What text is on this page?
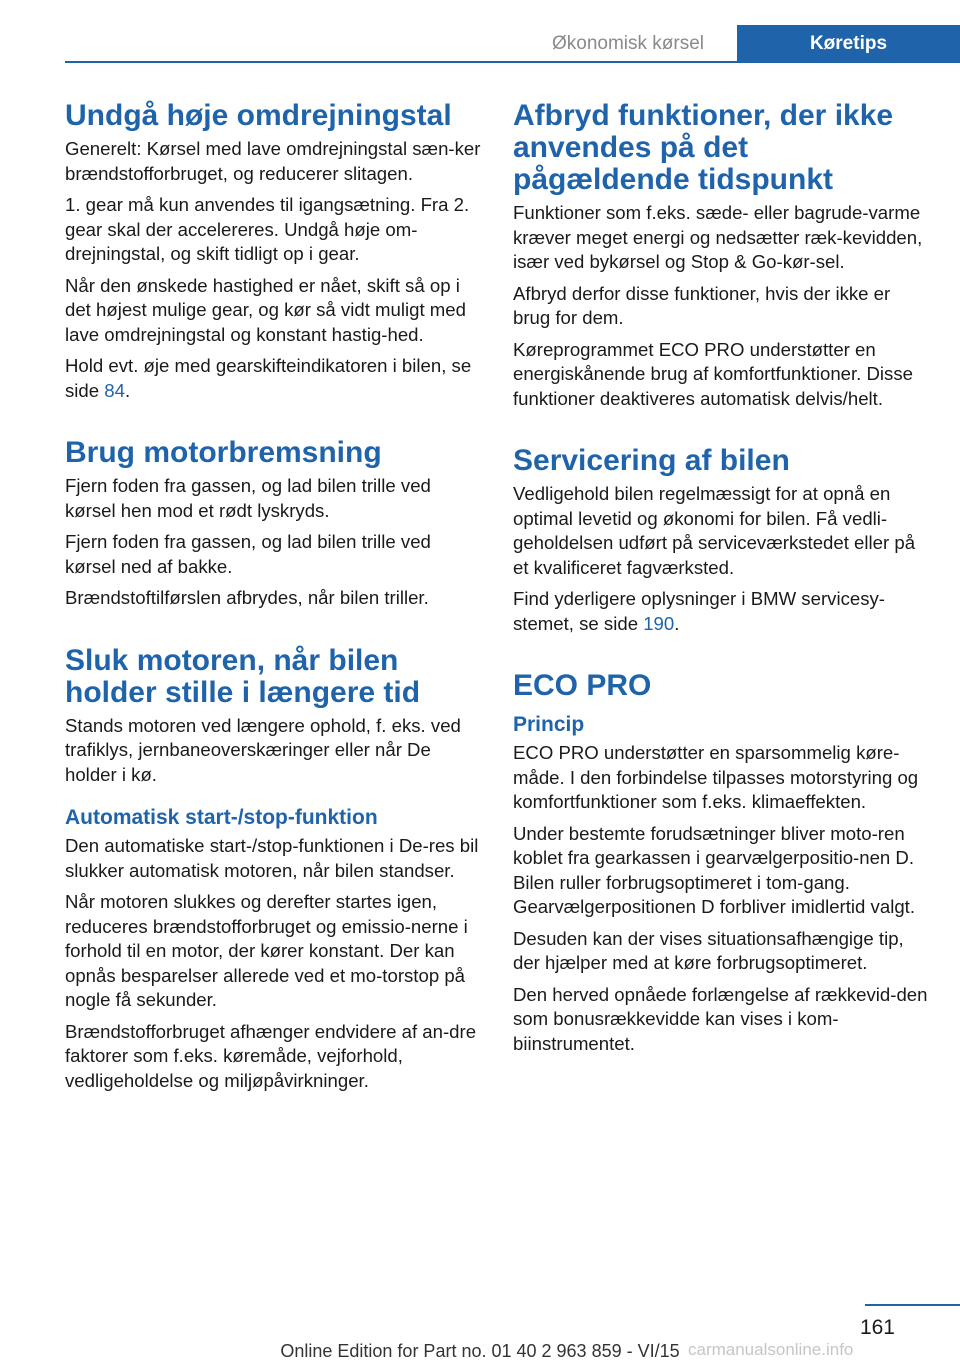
Økonomisk kørsel	Køretips
Undgå høje omdrejningstal

Generelt: Kørsel med lave omdrejningstal sæn‐ker brændstofforbruget, og reducerer slitagen.

1. gear må kun anvendes til igangsætning. Fra 2. gear skal der accelereres. Undgå høje om‐drejningstal, og skift tidligt op i gear.

Når den ønskede hastighed er nået, skift så op i det højest mulige gear, og kør så vidt muligt med lave omdrejningstal og konstant hastig‐hed.

Hold evt. øje med gearskifteindikatoren i bilen, se side 84.

Brug motorbremsning

Fjern foden fra gassen, og lad bilen trille ved kørsel hen mod et rødt lyskryds.

Fjern foden fra gassen, og lad bilen trille ved kørsel ned af bakke.

Brændstoftilførslen afbrydes, når bilen triller.

Sluk motoren, når bilen holder stille i længere tid

Stands motoren ved længere ophold, f. eks. ved trafiklys, jernbaneoverskæringer eller når De holder i kø.

Automatisk start-/stop-funktion

Den automatiske start-/stop-funktionen i De‐res bil slukker automatisk motoren, når bilen standser.

Når motoren slukkes og derefter startes igen, reduceres brændstofforbruget og emissio‐nerne i forhold til en motor, der kører konstant. Der kan opnås besparelser allerede ved et mo‐torstop på nogle få sekunder.

Brændstofforbruget afhænger endvidere af an‐dre faktorer som f.eks. køremåde, vejforhold, vedligeholdelse og miljøpåvirkninger.

Afbryd funktioner, der ikke anvendes på det pågældende tidspunkt

Funktioner som f.eks. sæde- eller bagrude‐varme kræver meget energi og nedsætter ræk‐kevidden, især ved bykørsel og Stop & Go-kør‐sel.

Afbryd derfor disse funktioner, hvis der ikke er brug for dem.

Køreprogrammet ECO PRO understøtter en energiskånende brug af komfortfunktioner. Disse funktioner deaktiveres automatisk delvis/helt.

Servicering af bilen

Vedligehold bilen regelmæssigt for at opnå en optimal levetid og økonomi for bilen. Få vedli‐geholdelsen udført på serviceværkstedet eller på et kvalificeret fagværksted.

Find yderligere oplysninger i BMW servicesy‐stemet, se side 190.

ECO PRO
Princip

ECO PRO understøtter en sparsommelig køre‐måde. I den forbindelse tilpasses motorstyring og komfortfunktioner som f.eks. klimaeffekten.

Under bestemte forudsætninger bliver moto‐ren koblet fra gearkassen i gearvælgerpositio‐nen D. Bilen ruller forbrugsoptimeret i tom‐gang. Gearvælgerpositionen D forbliver imidlertid valgt.

Desuden kan der vises situationsafhængige tip, der hjælper med at køre forbrugsoptimeret.

Den herved opnåede forlængelse af rækkevid‐den som bonusrækkevidde kan vises i kom‐biinstrumentet.

161
Online Edition for Part no. 01 40 2 963 859 - VI/15 carmanualsonline.info
